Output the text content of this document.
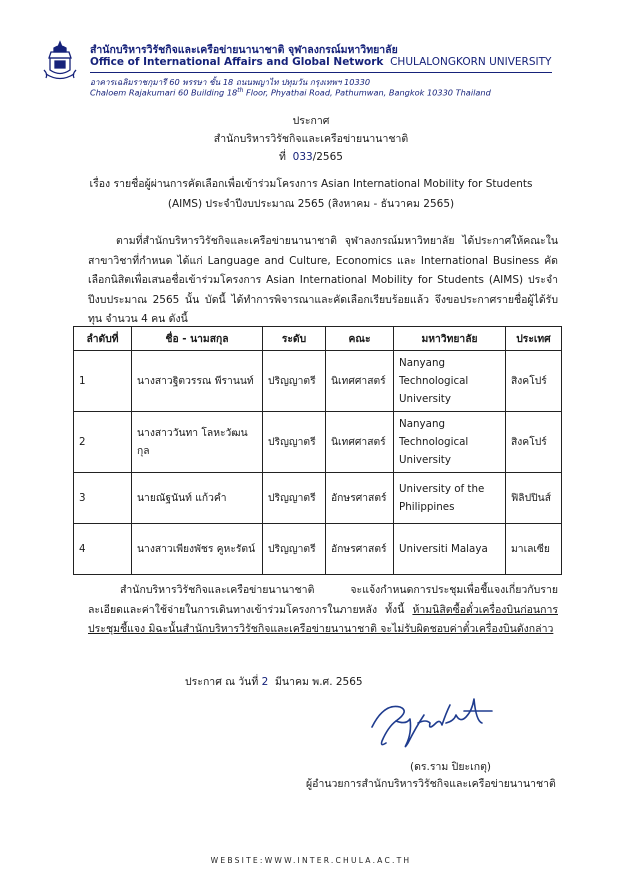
สำนักบริหารวิรัชกิจและเครือข่ายนานาชาติ จุฬาลงกรณ์มหาวิทยาลัย
Office of International Affairs and Global Network CHULALONGKORN UNIVERSITY
อาคารเฉลิมราชกุมารี 60 พรรษา ชั้น 18 ถนนพญาไท ปทุมวัน กรุงเทพฯ 10330
Chaloem Rajakumari 60 Building 18th Floor, Phyathai Road, Pathumwan, Bangkok 10330 Thailand
ประกาศ
สำนักบริหารวิรัชกิจและเครือข่ายนานาชาติ
ที่ 033/2565
เรื่อง รายชื่อผู้ผ่านการคัดเลือกเพื่อเข้าร่วมโครงการ Asian International Mobility for Students
(AIMS) ประจำปีงบประมาณ 2565 (สิงหาคม - ธันวาคม 2565)
ตามที่สำนักบริหารวิรัชกิจและเครือข่ายนานาชาติ จุฬาลงกรณ์มหาวิทยาลัย ได้ประกาศให้คณะในสาขาวิชาที่กำหนด ได้แก่ Language and Culture, Economics และ International Business คัดเลือกนิสิตเพื่อเสนอชื่อเข้าร่วมโครงการ Asian International Mobility for Students (AIMS) ประจำปีงบประมาณ 2565 นั้น บัดนี้ ได้ทำการพิจารณาและคัดเลือกเรียบร้อยแล้ว จึงขอประกาศรายชื่อผู้ได้รับทุน จำนวน 4 คน ดังนี้
ลำดับที่	ชื่อ - นามสกุล	ระดับ	คณะ	มหาวิทยาลัย	ประเทศ
1	นางสาวฐิตวรรณ พีรานนท์	ปริญญาตรี	นิเทศศาสตร์	Nanyang Technological University	สิงคโปร์
2	นางสาววันทา โลหะวัฒนกุล	ปริญญาตรี	นิเทศศาสตร์	Nanyang Technological University	สิงคโปร์
3	นายณัฐนันท์ แก้วคำ	ปริญญาตรี	อักษรศาสตร์	University of the Philippines	ฟิลิปปินส์
4	นางสาวเพียงพัชร คูหะรัตน์	ปริญญาตรี	อักษรศาสตร์	Universiti Malaya	มาเลเซีย
สำนักบริหารวิรัชกิจและเครือข่ายนานาชาติ จะแจ้งกำหนดการประชุมเพื่อชี้แจงเกี่ยวกับรายละเอียดและค่าใช้จ่ายในการเดินทางเข้าร่วมโครงการในภายหลัง ทั้งนี้ ห้ามนิสิตซื้อตั๋วเครื่องบินก่อนการประชุมชี้แจง มิฉะนั้นสำนักบริหารวิรัชกิจและเครือข่ายนานาชาติ จะไม่รับผิดชอบค่าตั๋วเครื่องบินดังกล่าว
ประกาศ ณ วันที่ 2 มีนาคม พ.ศ. 2565
(ดร.ราม ปิยะเกตุ)
ผู้อำนวยการสำนักบริหารวิรัชกิจและเครือข่ายนานาชาติ
WEBSITE:WWW.INTER.CHULA.AC.TH
